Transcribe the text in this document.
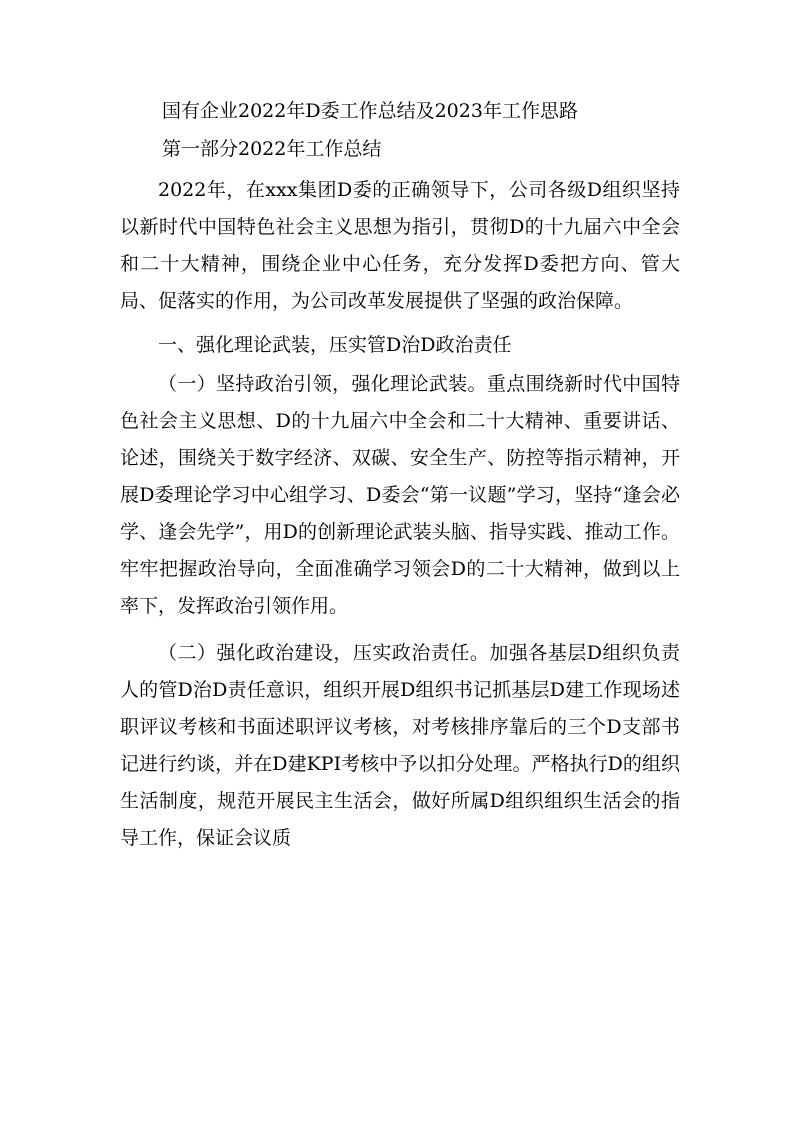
国有企业2022年D委工作总结及2023年工作思路

第一部分2022年工作总结

2022年，在xxx集团D委的正确领导下，公司各级D组织坚持以新时代中国特色社会主义思想为指引，贯彻D的十九届六中全会和二十大精神，围绕企业中心任务，充分发挥D委把方向、管大局、促落实的作用，为公司改革发展提供了坚强的政治保障。

一、强化理论武装，压实管D治D政治责任

（一）坚持政治引领，强化理论武装。重点围绕新时代中国特色社会主义思想、D的十九届六中全会和二十大精神、重要讲话、论述，围绕关于数字经济、双碳、安全生产、防控等指示精神，开展D委理论学习中心组学习、D委会“第一议题”学习，坚持“逢会必学、逢会先学”，用D的创新理论武装头脑、指导实践、推动工作。牢牢把握政治导向，全面准确学习领会D的二十大精神，做到以上率下，发挥政治引领作用。

（二）强化政治建设，压实政治责任。加强各基层D组织负责人的管D治D责任意识，组织开展D组织书记抓基层D建工作现场述职评议考核和书面述职评议考核，对考核排序靠后的三个D支部书记进行约谈，并在D建KPI考核中予以扣分处理。严格执行D的组织生活制度，规范开展民主生活会，做好所属D组织组织生活会的指导工作，保证会议质
